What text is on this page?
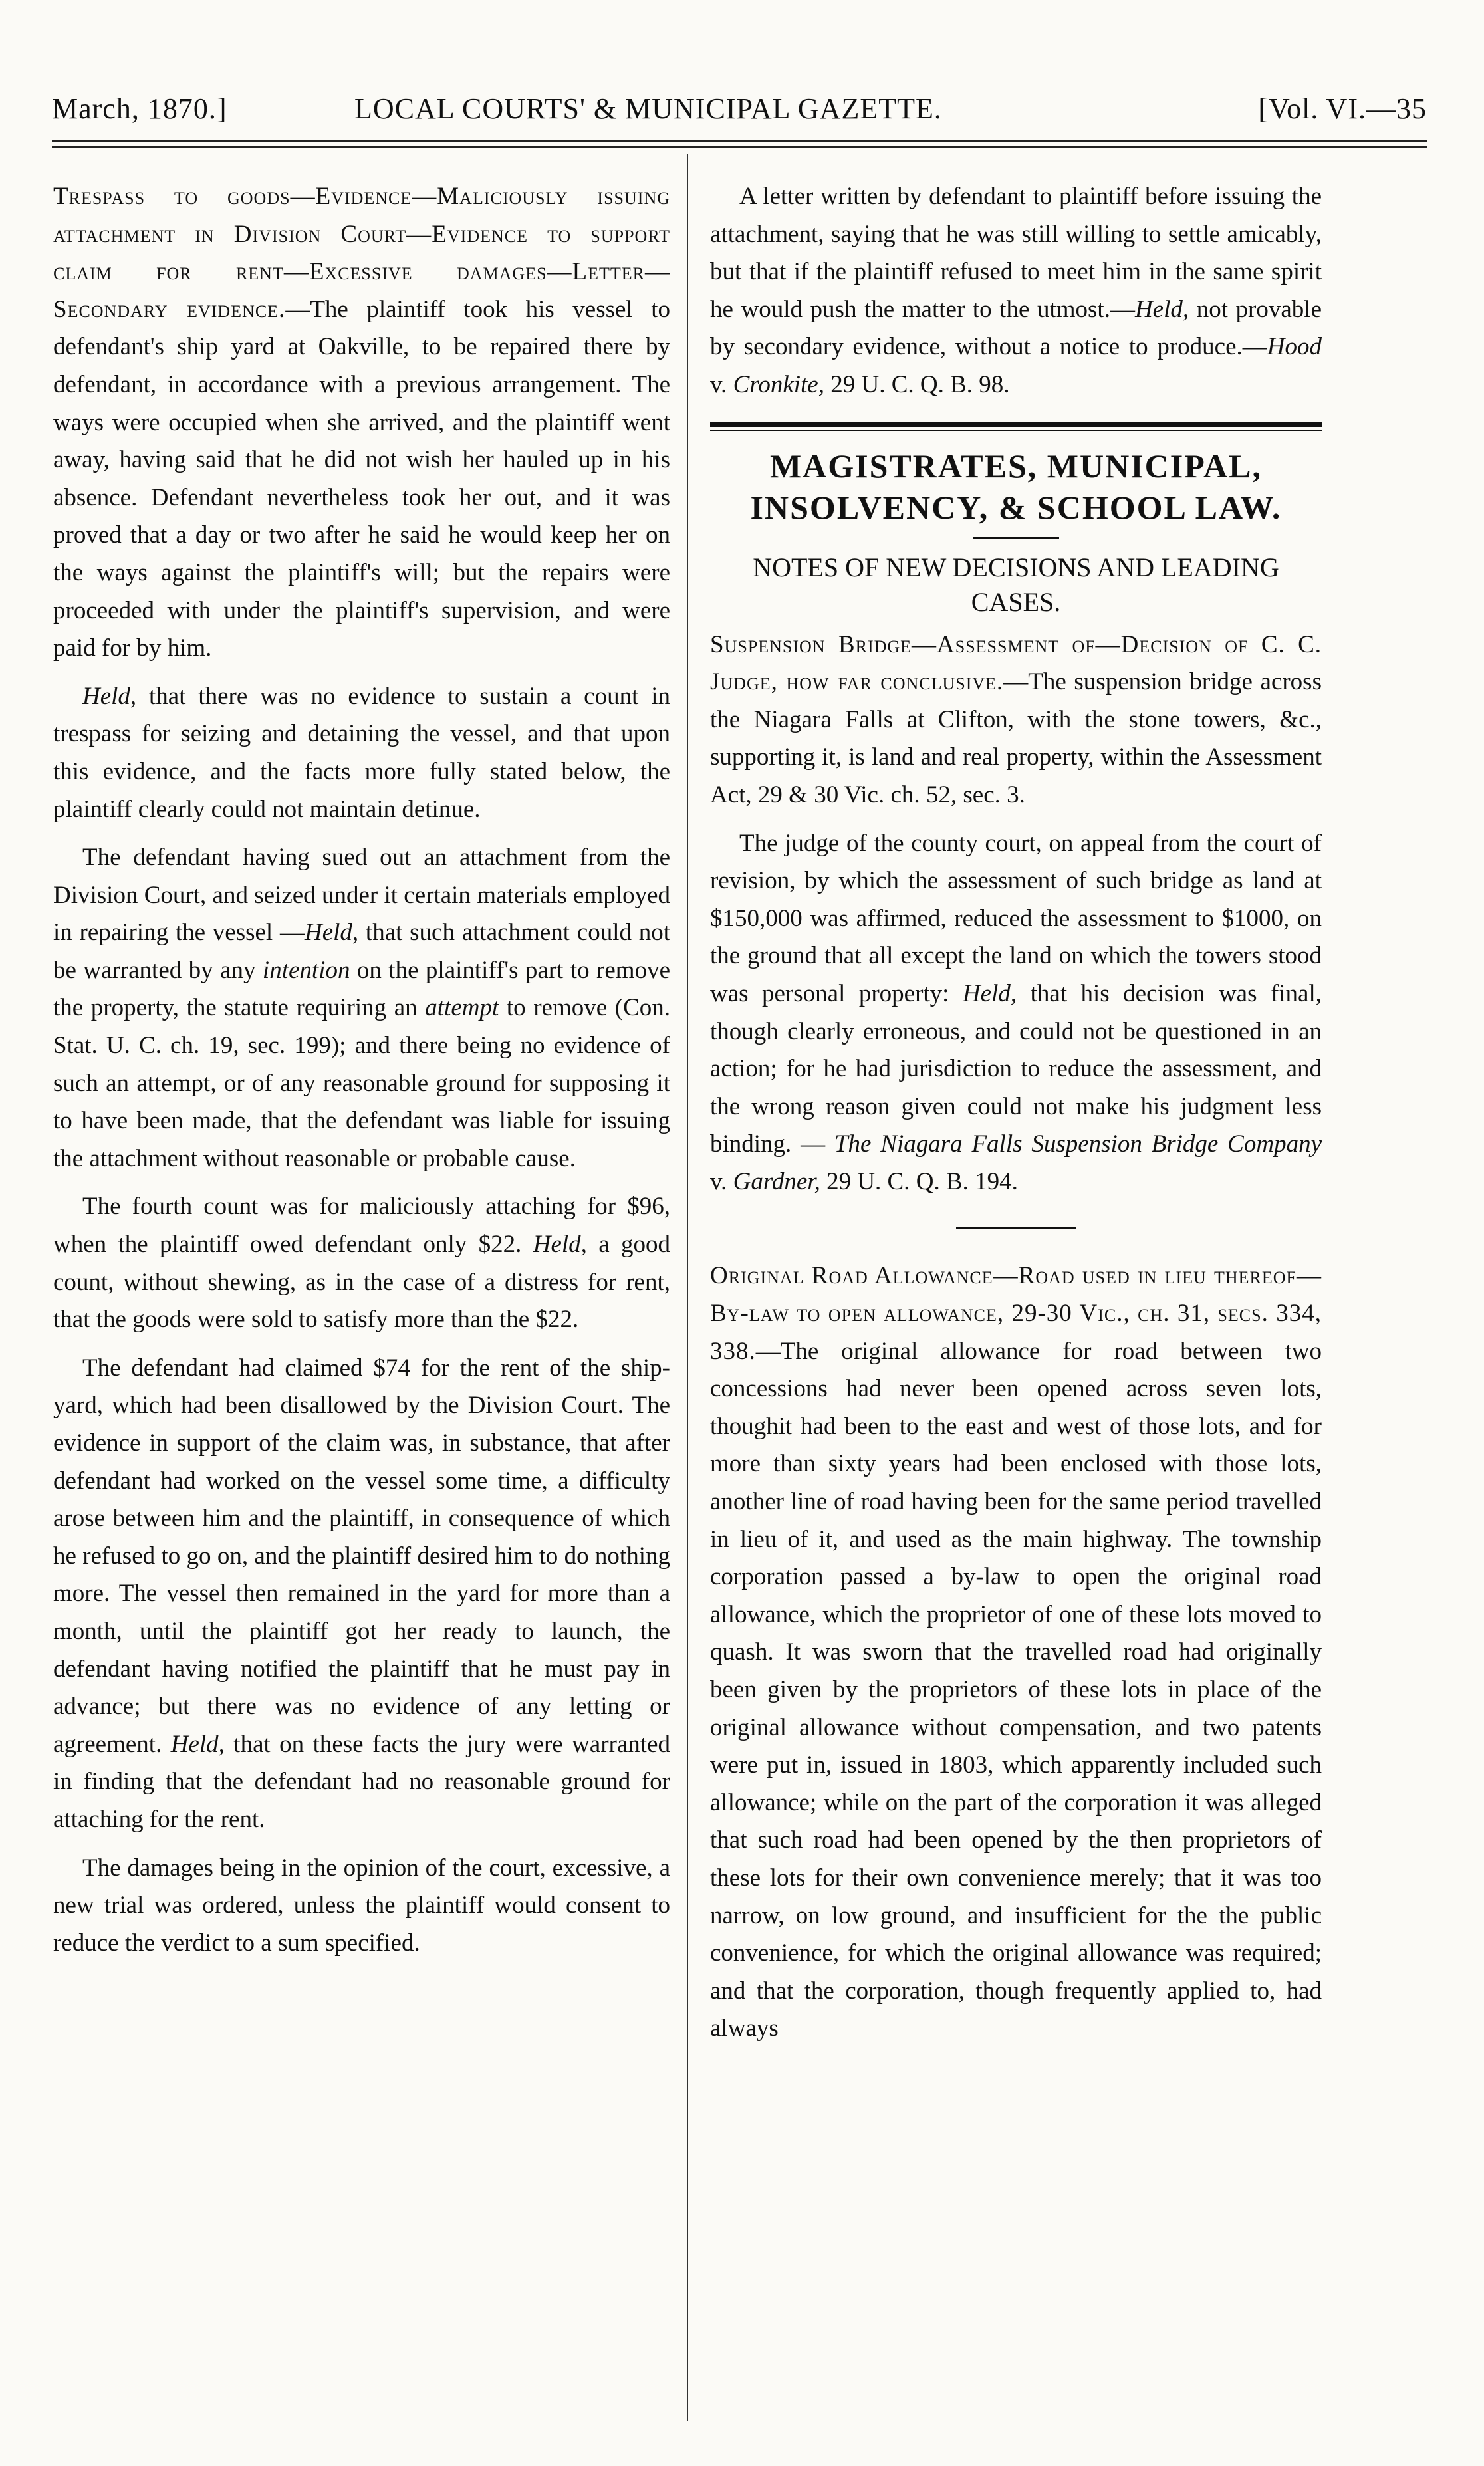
March, 1870.]	LOCAL COURTS' & MUNICIPAL GAZETTE.	[Vol. VI.—35

Trespass to goods—Evidence—Maliciously issuing attachment in Division Court—Evidence to support claim for rent—Excessive damages—Letter—Secondary evidence.—The plaintiff took his vessel to defendant's ship yard at Oakville, to be repaired there by defendant, in accordance with a previous arrangement. The ways were occupied when she arrived, and the plaintiff went away, having said that he did not wish her hauled up in his absence. Defendant nevertheless took her out, and it was proved that a day or two after he said he would keep her on the ways against the plaintiff's will; but the repairs were proceeded with under the plaintiff's supervision, and were paid for by him.

Held, that there was no evidence to sustain a count in trespass for seizing and detaining the vessel, and that upon this evidence, and the facts more fully stated below, the plaintiff clearly could not maintain detinue.

The defendant having sued out an attachment from the Division Court, and seized under it certain materials employed in repairing the vessel —Held, that such attachment could not be warranted by any intention on the plaintiff's part to remove the property, the statute requiring an attempt to remove (Con. Stat. U. C. ch. 19, sec. 199); and there being no evidence of such an attempt, or of any reasonable ground for supposing it to have been made, that the defendant was liable for issuing the attachment without reasonable or probable cause.

The fourth count was for maliciously attaching for $96, when the plaintiff owed defendant only $22. Held, a good count, without shewing, as in the case of a distress for rent, that the goods were sold to satisfy more than the $22.

The defendant had claimed $74 for the rent of the ship-yard, which had been disallowed by the Division Court. The evidence in support of the claim was, in substance, that after defendant had worked on the vessel some time, a difficulty arose between him and the plaintiff, in consequence of which he refused to go on, and the plaintiff desired him to do nothing more. The vessel then remained in the yard for more than a month, until the plaintiff got her ready to launch, the defendant having notified the plaintiff that he must pay in advance; but there was no evidence of any letting or agreement. Held, that on these facts the jury were warranted in finding that the defendant had no reasonable ground for attaching for the rent.

The damages being in the opinion of the court, excessive, a new trial was ordered, unless the plaintiff would consent to reduce the verdict to a sum specified.

A letter written by defendant to plaintiff before issuing the attachment, saying that he was still willing to settle amicably, but that if the plaintiff refused to meet him in the same spirit he would push the matter to the utmost.—Held, not provable by secondary evidence, without a notice to produce.—Hood v. Cronkite, 29 U. C. Q. B. 98.

MAGISTRATES, MUNICIPAL, INSOLVENCY, & SCHOOL LAW.
NOTES OF NEW DECISIONS AND LEADING CASES.

Suspension Bridge—Assessment of—Decision of C. C. Judge, how far conclusive.—The suspension bridge across the Niagara Falls at Clifton, with the stone towers, &c., supporting it, is land and real property, within the Assessment Act, 29 & 30 Vic. ch. 52, sec. 3.

The judge of the county court, on appeal from the court of revision, by which the assessment of such bridge as land at $150,000 was affirmed, reduced the assessment to $1000, on the ground that all except the land on which the towers stood was personal property: Held, that his decision was final, though clearly erroneous, and could not be questioned in an action; for he had jurisdiction to reduce the assessment, and the wrong reason given could not make his judgment less binding. — The Niagara Falls Suspension Bridge Company v. Gardner, 29 U. C. Q. B. 194.

Original Road Allowance—Road used in lieu thereof—By-law to open allowance, 29-30 Vic., ch. 31, secs. 334, 338.—The original allowance for road between two concessions had never been opened across seven lots, thoughit had been to the east and west of those lots, and for more than sixty years had been enclosed with those lots, another line of road having been for the same period travelled in lieu of it, and used as the main highway. The township corporation passed a by-law to open the original road allowance, which the proprietor of one of these lots moved to quash. It was sworn that the travelled road had originally been given by the proprietors of these lots in place of the original allowance without compensation, and two patents were put in, issued in 1803, which apparently included such allowance; while on the part of the corporation it was alleged that such road had been opened by the then proprietors of these lots for their own convenience merely; that it was too narrow, on low ground, and insufficient for the the public convenience, for which the original allowance was required; and that the corporation, though frequently applied to, had always
